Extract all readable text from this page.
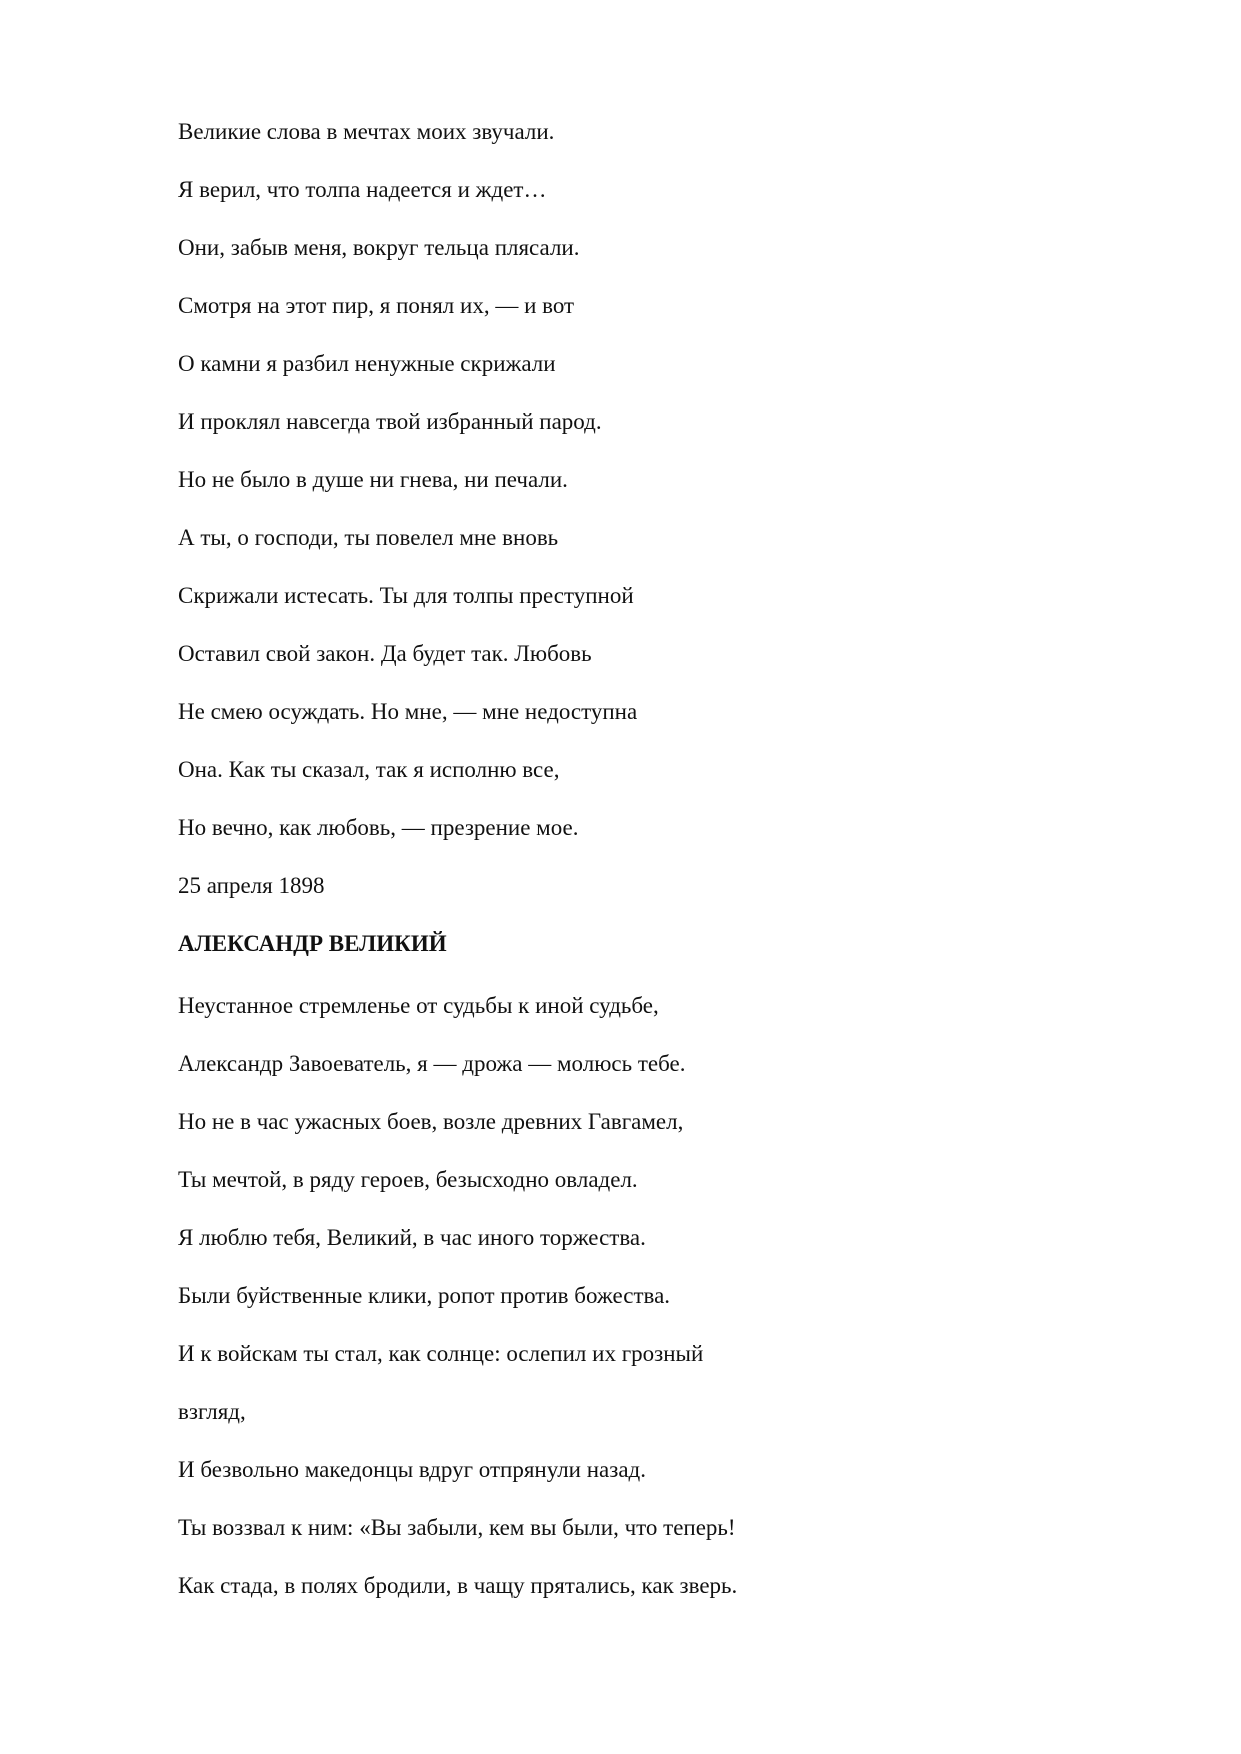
Великие слова в мечтах моих звучали.
Я верил, что толпа надеется и ждет…
Они, забыв меня, вокруг тельца плясали.
Смотря на этот пир, я понял их, — и вот
О камни я разбил ненужные скрижали
И проклял навсегда твой избранный парод.
Но не было в душе ни гнева, ни печали.
А ты, о господи, ты повелел мне вновь
Скрижали истесать. Ты для толпы преступной
Оставил свой закон. Да будет так. Любовь
Не смею осуждать. Но мне, — мне недоступна
Она. Как ты сказал, так я исполню все,
Но вечно, как любовь, — презрение мое.
25 апреля 1898
АЛЕКСАНДР ВЕЛИКИЙ
Неустанное стремленье от судьбы к иной судьбе,
Александр Завоеватель, я — дрожа — молюсь тебе.
Но не в час ужасных боев, возле древних Гавгамел,
Ты мечтой, в ряду героев, безысходно овладел.
Я люблю тебя, Великий, в час иного торжества.
Были буйственные клики, ропот против божества.
И к войскам ты стал, как солнце: ослепил их грозный
взгляд,
И безвольно македонцы вдруг отпрянули назад.
Ты воззвал к ним: «Вы забыли, кем вы были, что теперь!
Как стада, в полях бродили, в чащу прятались, как зверь.
